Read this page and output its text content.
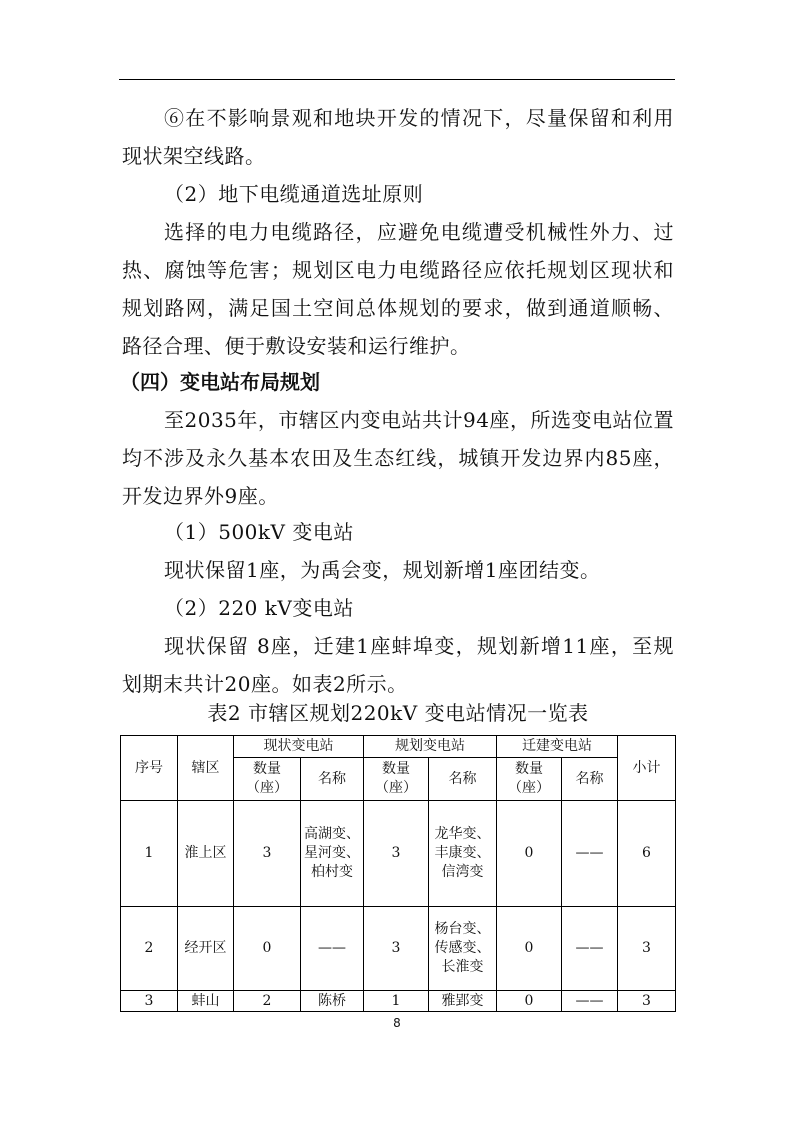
⑥在不影响景观和地块开发的情况下，尽量保留和利用现状架空线路。

（2）地下电缆通道选址原则

选择的电力电缆路径，应避免电缆遭受机械性外力、过热、腐蚀等危害；规划区电力电缆路径应依托规划区现状和规划路网，满足国土空间总体规划的要求，做到通道顺畅、路径合理、便于敷设安装和运行维护。

（四）变电站布局规划

至2035年，市辖区内变电站共计94座，所选变电站位置均不涉及永久基本农田及生态红线，城镇开发边界内85座，开发边界外9座。

（1）500kV 变电站

现状保留1座，为禹会变，规划新增1座团结变。

（2）220 kV变电站

现状保留 8座，迁建1座蚌埠变，规划新增11座，至规划期末共计20座。如表2所示。

表2 市辖区规划220kV 变电站情况一览表

序号	辖区	现状变电站		规划变电站		迁建变电站		小计
		数量（座）	名称	数量（座）	名称	数量（座）	名称	
1	淮上区	3	高湖变、星河变、柏村变	3	龙华变、丰康变、信湾变	0	——	6
2	经开区	0	——	3	杨台变、传感变、长淮变	0	——	3
3	蚌山	2	陈桥	1	雅郢变	0	——	3
8
